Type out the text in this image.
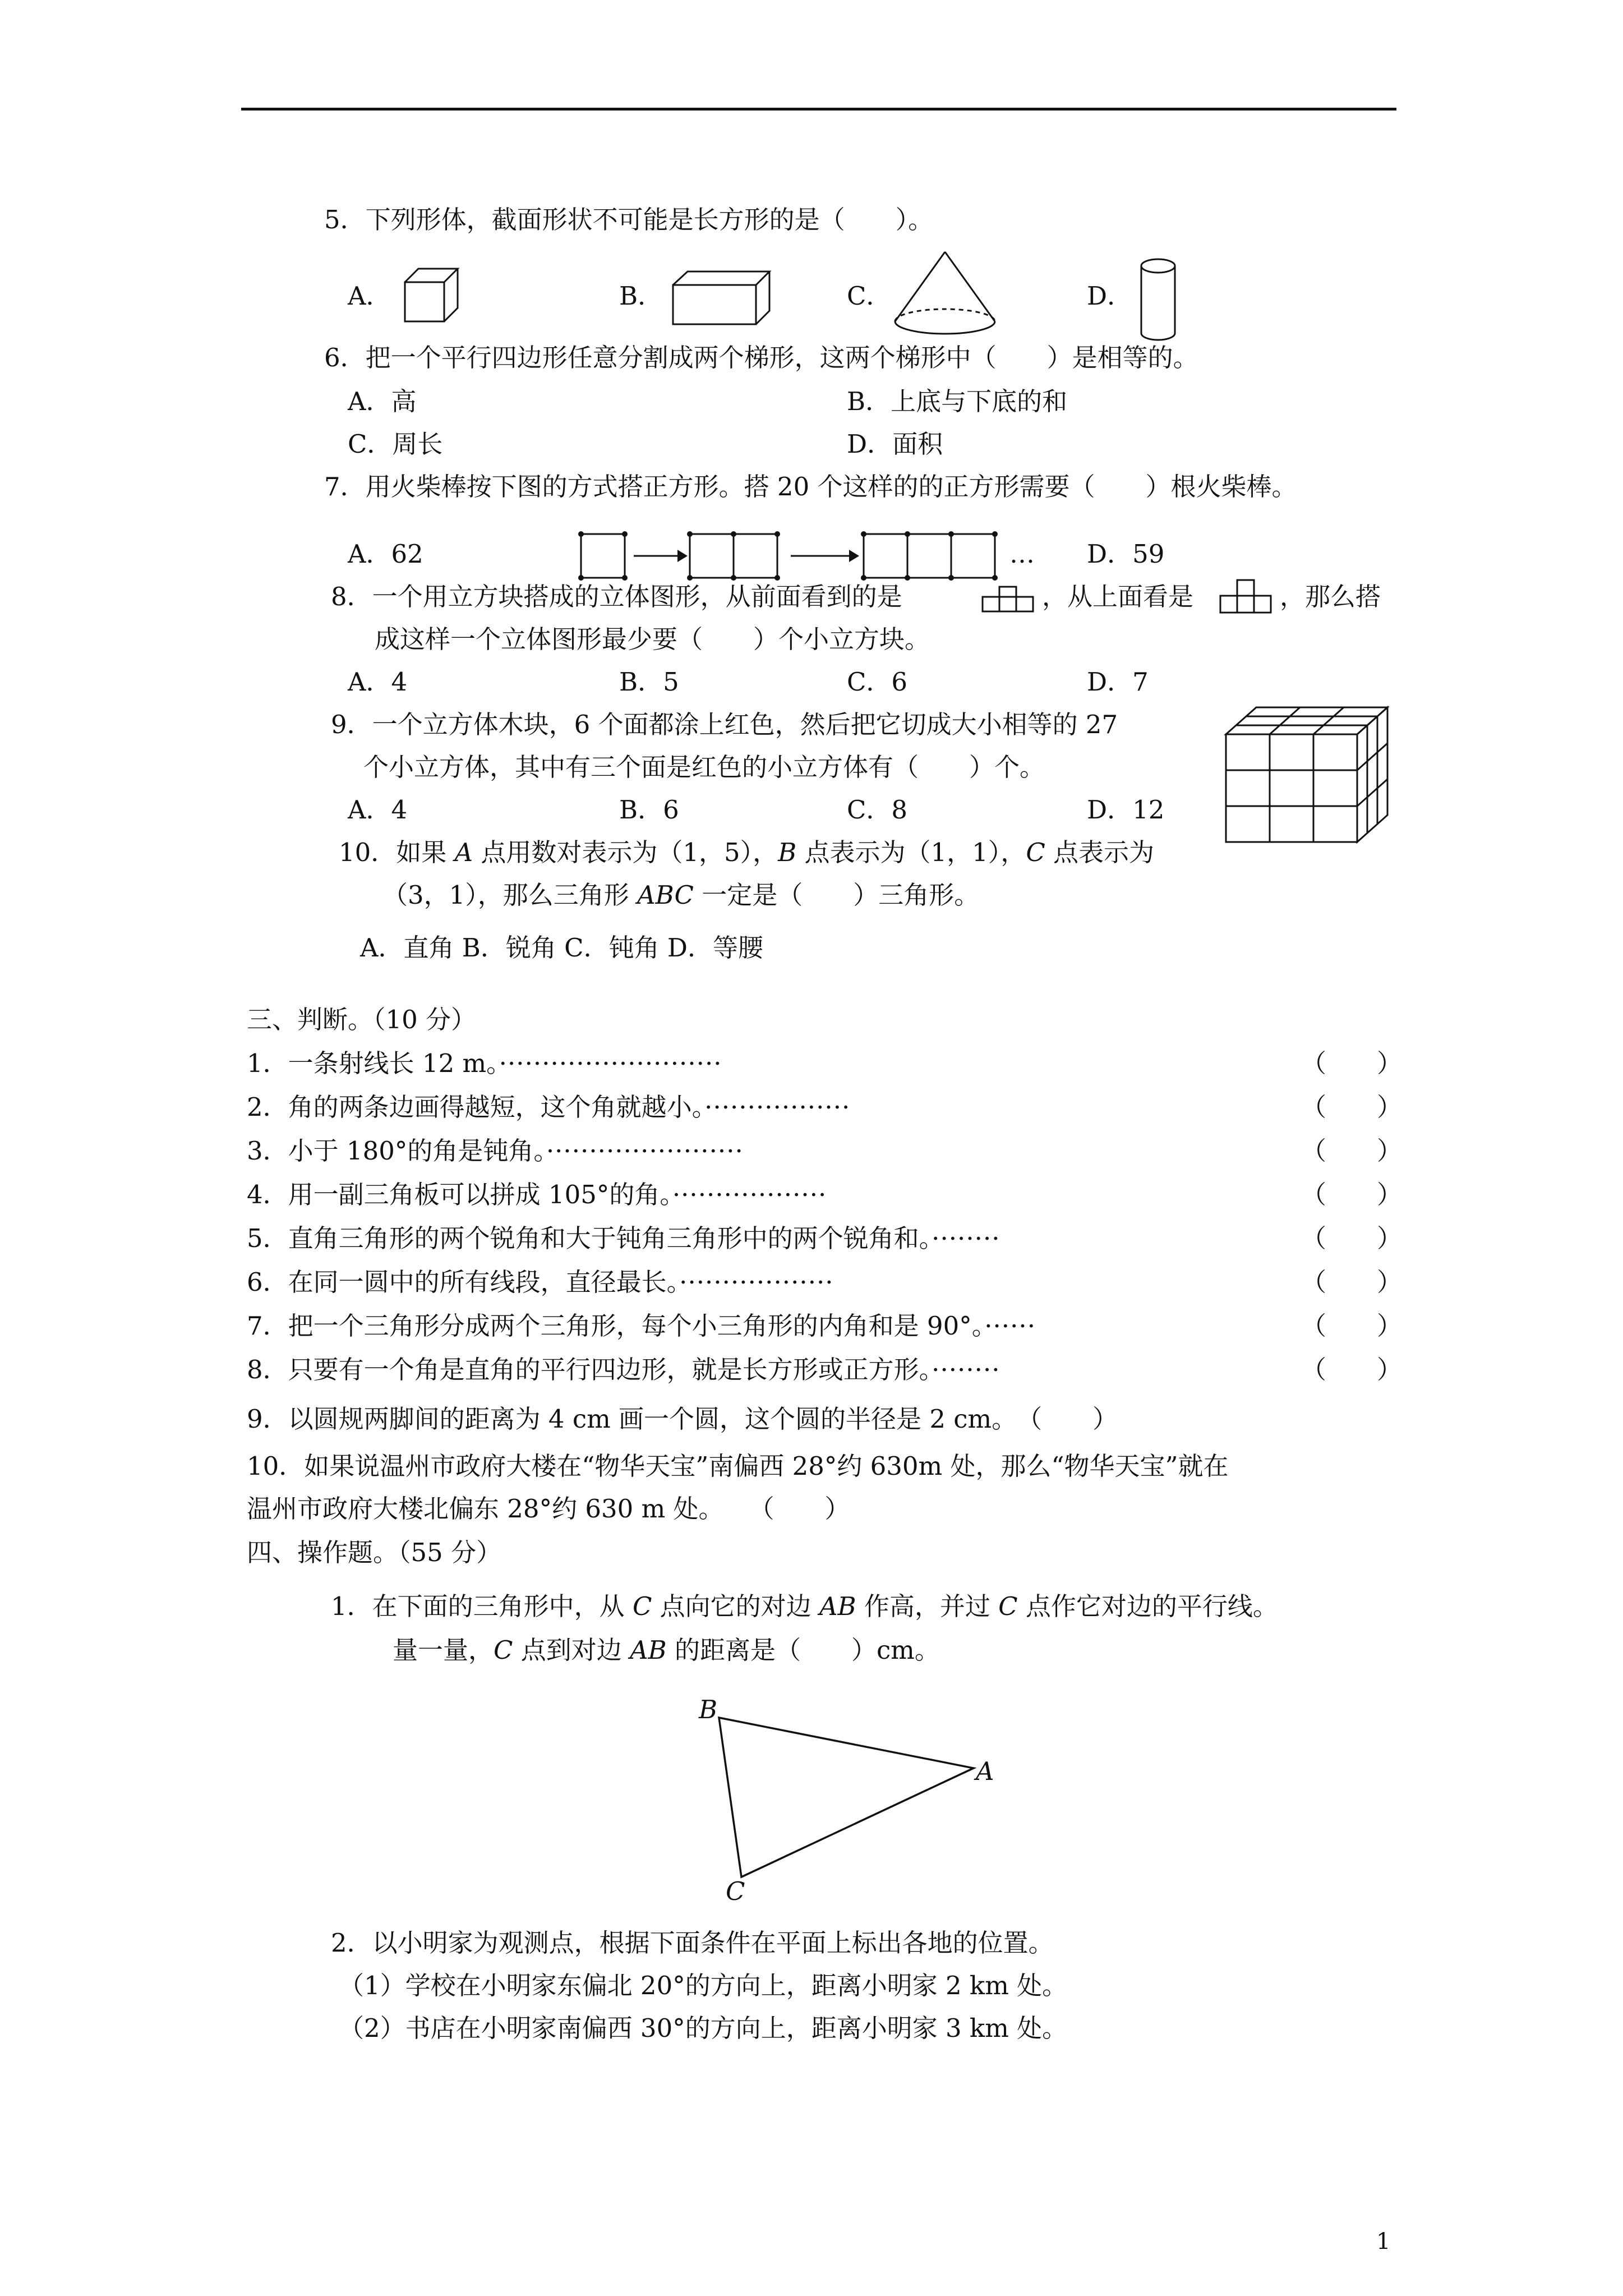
5．下列形体，截面形状不可能是长方形的是（　　）。
A．	B．	C．	D．
6．把一个平行四边形任意分割成两个梯形，这两个梯形中（　　）是相等的。
A．高	B．上底与下底的和
C．周长	D．面积
7．用火柴棒按下图的方式搭正方形。搭 20 个这样的的正方形需要（　　）根火柴棒。
A．62	… D．59
8．一个用立方块搭成的立体图形，从前面看到的是	，从上面看是	，那么搭
成这样一个立体图形最少要（　　）个小立方块。
A．4	B．5	C．6	D．7
9．一个立方体木块，6 个面都涂上红色，然后把它切成大小相等的 27
个小立方体，其中有三个面是红色的小立方体有（　　）个。
A．4	B．6	C．8	D．12
10．如果 A 点用数对表示为（1，5），B 点表示为（1，1），C 点表示为
（3，1），那么三角形 ABC 一定是（　　）三角形。
A．直角 B．锐角 C．钝角 D．等腰
三、判断。（10 分）
1．一条射线长 12 m。··························	（　　）
2．角的两条边画得越短，这个角就越小。·················	（　　）
3．小于 180°的角是钝角。·······················	（　　）
4．用一副三角板可以拼成 105°的角。··················	（　　）
5．直角三角形的两个锐角和大于钝角三角形中的两个锐角和。········	（　　）
6．在同一圆中的所有线段，直径最长。··················	（　　）
7．把一个三角形分成两个三角形，每个小三角形的内角和是 90°。······	（　　）
8．只要有一个角是直角的平行四边形，就是长方形或正方形。········	（　　）
9．以圆规两脚间的距离为 4 cm 画一个圆，这个圆的半径是 2 cm。　（　　）
10．如果说温州市政府大楼在“物华天宝”南偏西 28°约 630m 处，那么“物华天宝”就在
温州市政府大楼北偏东 28°约 630 m 处。　　（　　）
四、操作题。（55 分）
1．在下面的三角形中，从 C 点向它的对边 AB 作高，并过 C 点作它对边的平行线。
量一量，C 点到对边 AB 的距离是（　　）cm。
B
A
C
2．以小明家为观测点，根据下面条件在平面上标出各地的位置。
（1）学校在小明家东偏北 20°的方向上，距离小明家 2 km 处。
（2）书店在小明家南偏西 30°的方向上，距离小明家 3 km 处。
1
